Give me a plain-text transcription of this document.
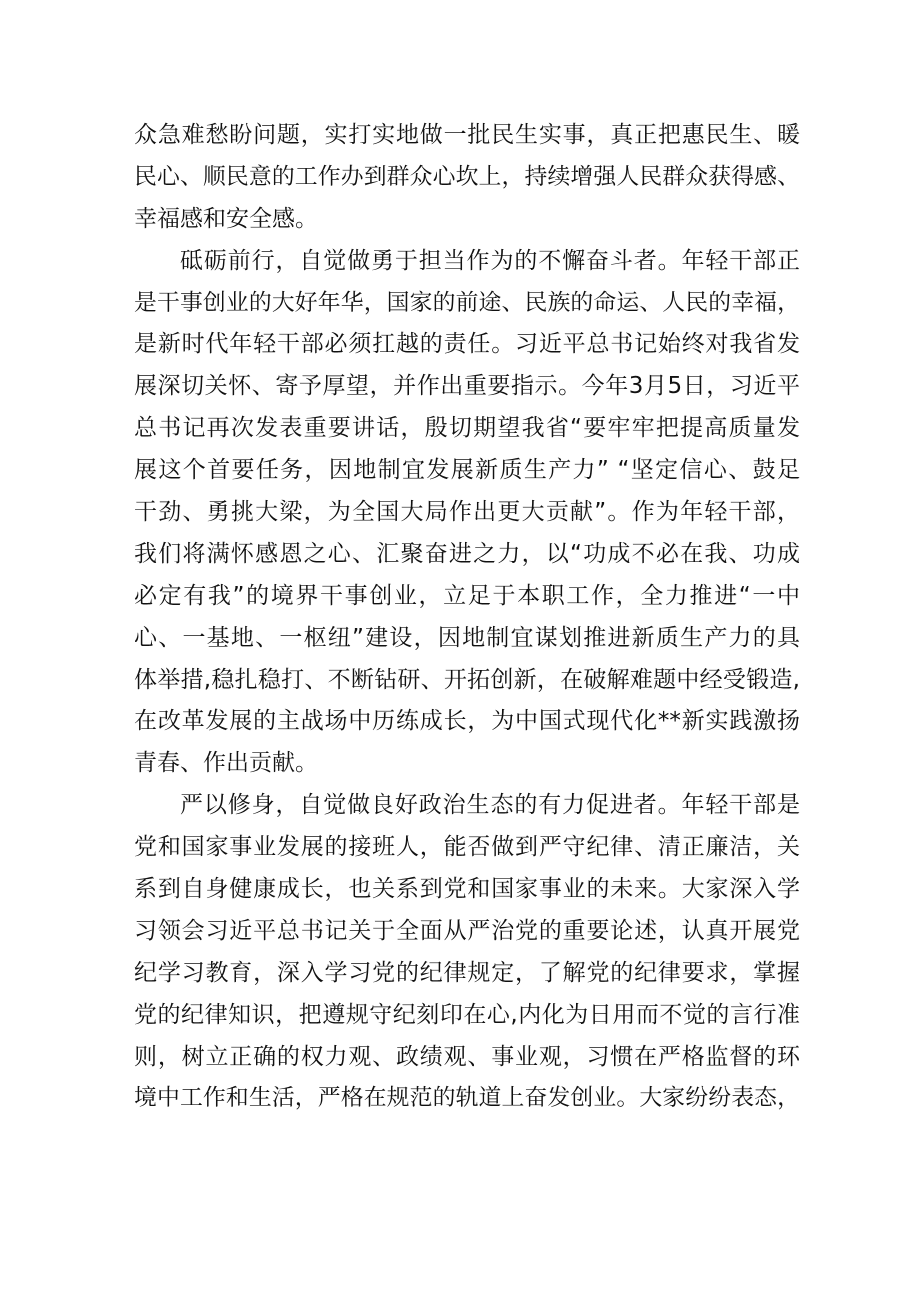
众急难愁盼问题，实打实地做一批民生实事，真正把惠民生、暖
民心、顺民意的工作办到群众心坎上，持续增强人民群众获得感、
幸福感和安全感。
砥砺前行，自觉做勇于担当作为的不懈奋斗者。年轻干部正
是干事创业的大好年华，国家的前途、民族的命运、人民的幸福，
是新时代年轻干部必须扛越的责任。习近平总书记始终对我省发
展深切关怀、寄予厚望，并作出重要指示。今年3月5日，习近平
总书记再次发表重要讲话，殷切期望我省“要牢牢把提高质量发
展这个首要任务，因地制宜发展新质生产力” “坚定信心、鼓足
干劲、勇挑大梁，为全国大局作出更大贡献”。作为年轻干部，
我们将满怀感恩之心、汇聚奋进之力，以“功成不必在我、功成
必定有我”的境界干事创业，立足于本职工作，全力推进“一中
心、一基地、一枢纽”建设，因地制宜谋划推进新质生产力的具
体举措,稳扎稳打、不断钻研、开拓创新，在破解难题中经受锻造,
在改革发展的主战场中历练成长，为中国式现代化**新实践激扬
青春、作出贡献。
严以修身，自觉做良好政治生态的有力促进者。年轻干部是
党和国家事业发展的接班人，能否做到严守纪律、清正廉洁，关
系到自身健康成长，也关系到党和国家事业的未来。大家深入学
习领会习近平总书记关于全面从严治党的重要论述，认真开展党
纪学习教育，深入学习党的纪律规定，了解党的纪律要求，掌握
党的纪律知识，把遵规守纪刻印在心,内化为日用而不觉的言行准
则，树立正确的权力观、政绩观、事业观，习惯在严格监督的环
境中工作和生活，严格在规范的轨道上奋发创业。大家纷纷表态，
